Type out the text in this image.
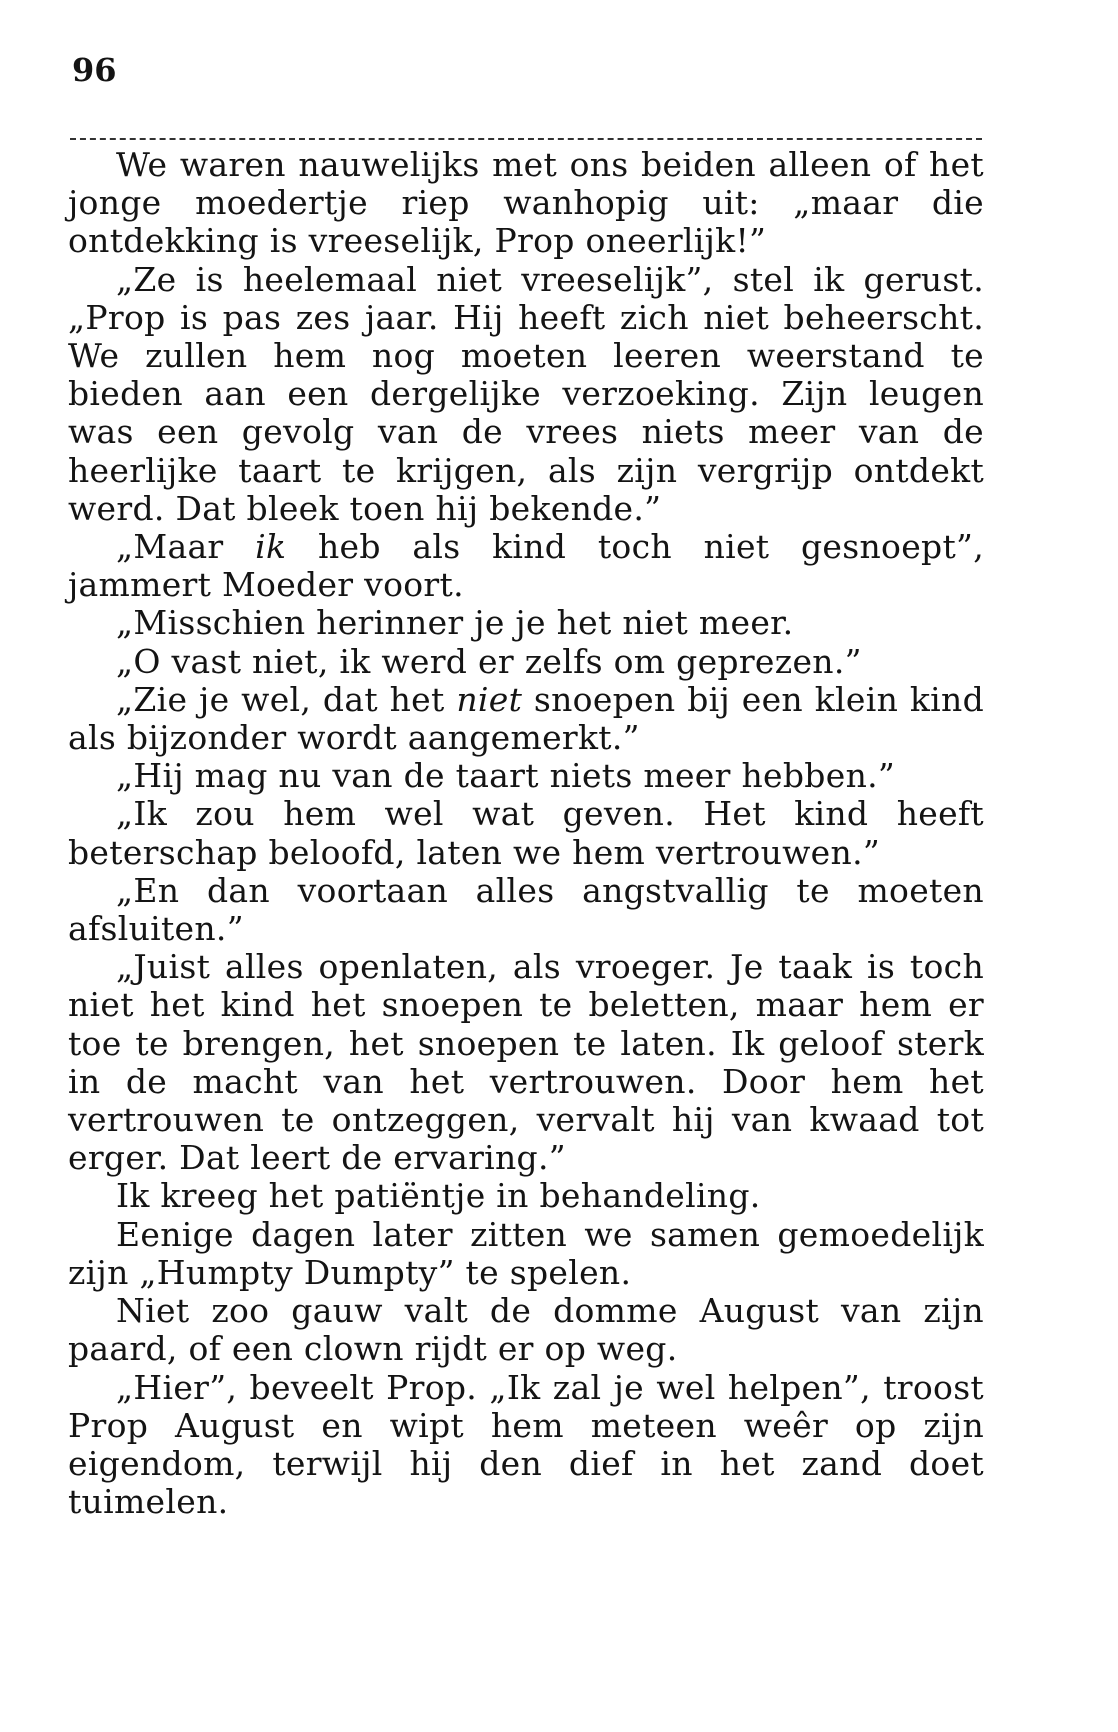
96

We waren nauwelijks met ons beiden alleen of het jonge moedertje riep wanhopig uit: „maar die ontdekking is vreeselijk, Prop oneerlijk!”

„Ze is heelemaal niet vreeselijk”, stel ik gerust. „Prop is pas zes jaar. Hij heeft zich niet beheerscht. We zullen hem nog moeten leeren weerstand te bieden aan een dergelijke verzoeking. Zijn leugen was een gevolg van de vrees niets meer van de heerlijke taart te krijgen, als zijn vergrijp ontdekt werd. Dat bleek toen hij bekende.”

„Maar ik heb als kind toch niet gesnoept”, jammert Moeder voort.

„Misschien herinner je je het niet meer.

„O vast niet, ik werd er zelfs om geprezen.”

„Zie je wel, dat het niet snoepen bij een klein kind als bijzonder wordt aangemerkt.”

„Hij mag nu van de taart niets meer hebben.”

„Ik zou hem wel wat geven. Het kind heeft beterschap beloofd, laten we hem vertrouwen.”

„En dan voortaan alles angstvallig te moeten afsluiten.”

„Juist alles openlaten, als vroeger. Je taak is toch niet het kind het snoepen te beletten, maar hem er toe te brengen, het snoepen te laten. Ik geloof sterk in de macht van het vertrouwen. Door hem het vertrouwen te ontzeggen, vervalt hij van kwaad tot erger. Dat leert de ervaring.”

Ik kreeg het patiëntje in behandeling.

Eenige dagen later zitten we samen gemoedelijk zijn „Humpty Dumpty” te spelen.

Niet zoo gauw valt de domme August van zijn paard, of een clown rijdt er op weg.

„Hier”, beveelt Prop. „Ik zal je wel helpen”, troost Prop August en wipt hem meteen weêr op zijn eigendom, terwijl hij den dief in het zand doet tuimelen.
